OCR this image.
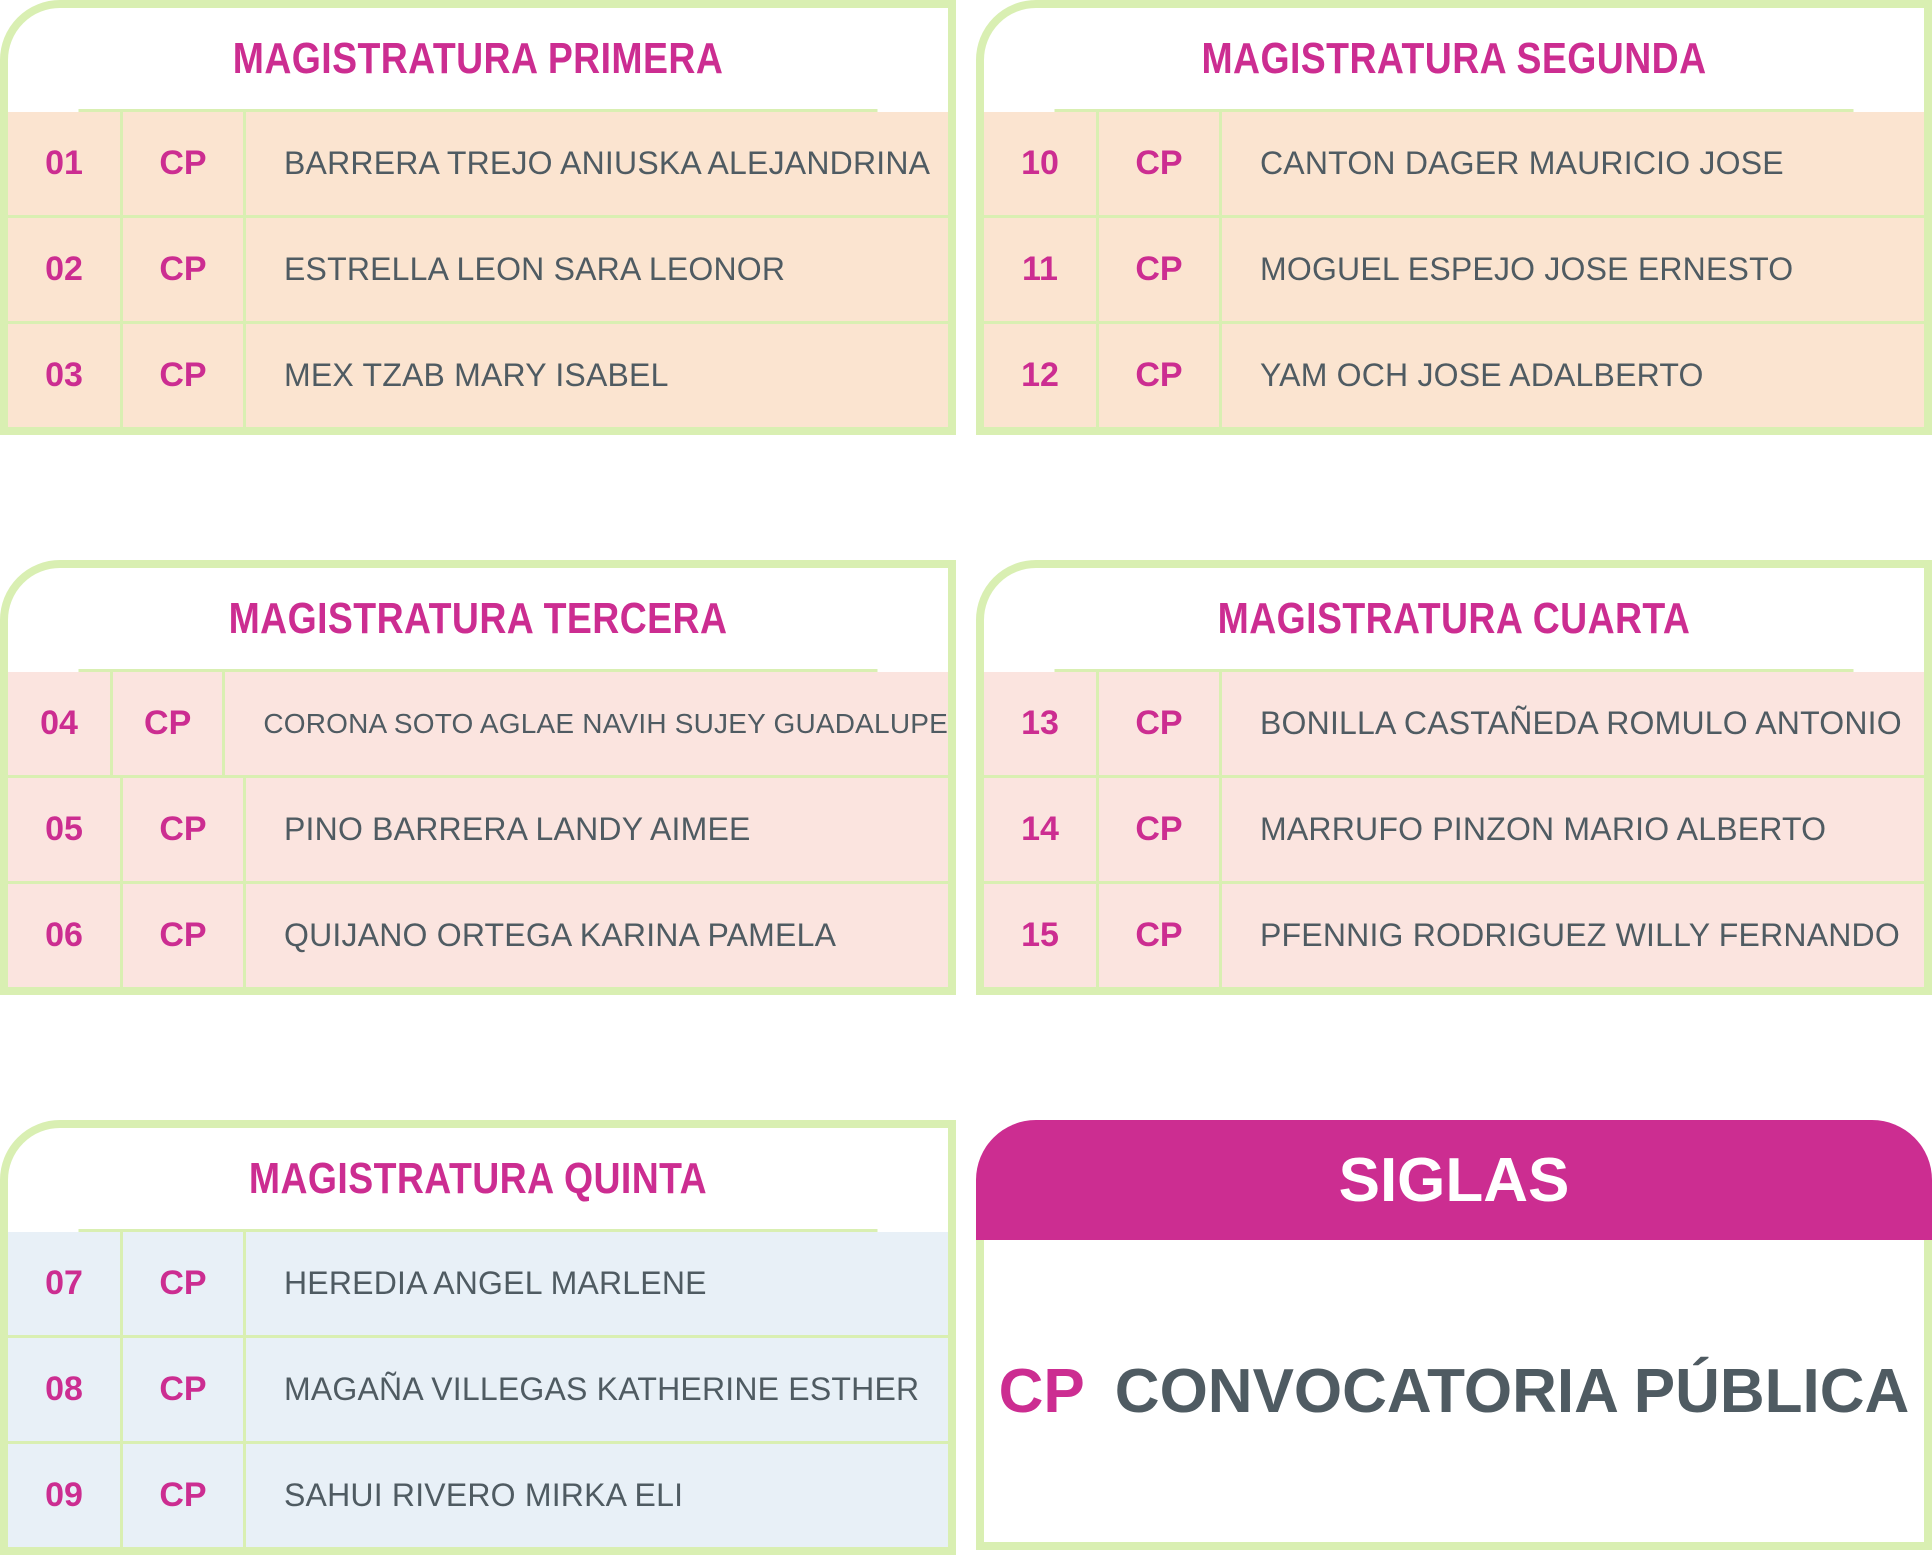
MAGISTRATURA PRIMERA
01	CP	BARRERA TREJO ANIUSKA ALEJANDRINA
02	CP	ESTRELLA LEON SARA LEONOR
03	CP	MEX TZAB MARY ISABEL
MAGISTRATURA SEGUNDA
10	CP	CANTON DAGER MAURICIO JOSE
11	CP	MOGUEL ESPEJO JOSE ERNESTO
12	CP	YAM OCH JOSE ADALBERTO
MAGISTRATURA TERCERA
04	CP	CORONA SOTO AGLAE NAVIH SUJEY GUADALUPE
05	CP	PINO BARRERA LANDY AIMEE
06	CP	QUIJANO ORTEGA KARINA PAMELA
MAGISTRATURA CUARTA
13	CP	BONILLA CASTAÑEDA ROMULO ANTONIO
14	CP	MARRUFO PINZON MARIO ALBERTO
15	CP	PFENNIG RODRIGUEZ WILLY FERNANDO
MAGISTRATURA QUINTA
07	CP	HEREDIA ANGEL MARLENE
08	CP	MAGAÑA VILLEGAS KATHERINE ESTHER
09	CP	SAHUI RIVERO MIRKA ELI
SIGLAS
CP CONVOCATORIA PÚBLICA
